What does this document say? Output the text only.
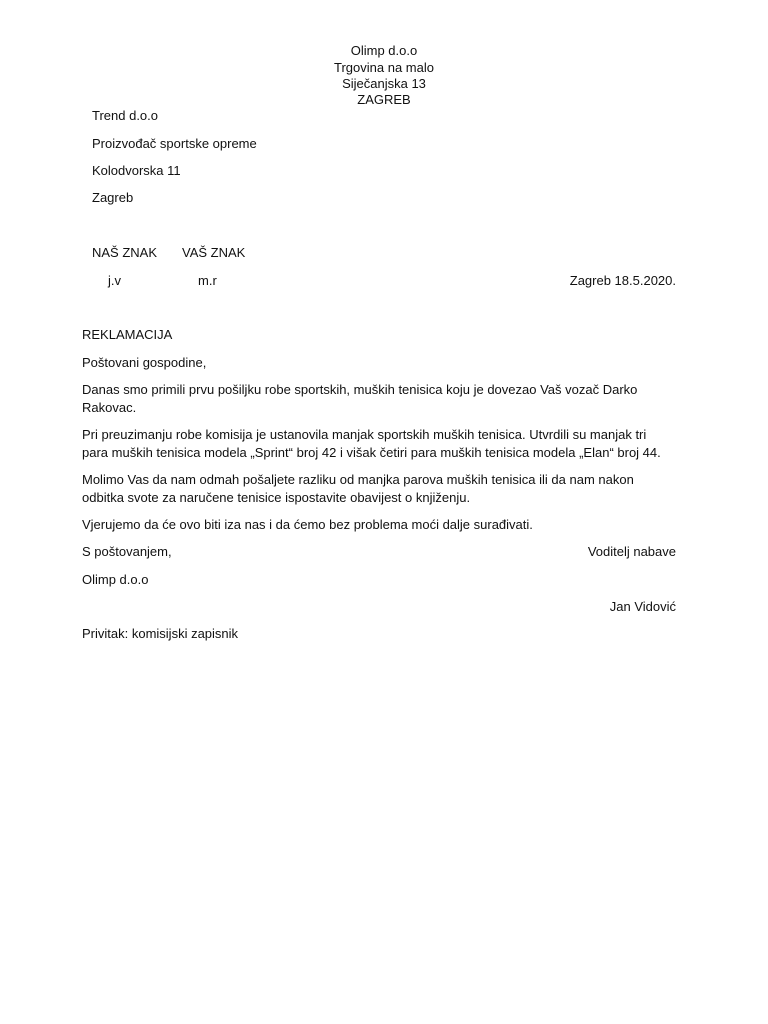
Olimp d.o.o
Trgovina na malo
Siječanjska 13
ZAGREB
Trend d.o.o
Proizvođač sportske opreme
Kolodvorska 11
Zagreb
NAŠ ZNAK VAŠ ZNAK
j.v	m.r	Zagreb 18.5.2020.
REKLAMACIJA
Poštovani gospodine,
Danas smo primili prvu pošiljku robe sportskih, muških tenisica koju je dovezao Vaš vozač Darko
Rakovac.
Pri preuzimanju robe komisija je ustanovila manjak sportskih muških tenisica. Utvrdili su manjak tri
para muških tenisica modela „Sprint“ broj 42 i višak četiri para muških tenisica modela „Elan“ broj 44.
Molimo Vas da nam odmah pošaljete razliku od manjka parova muških tenisica ili da nam nakon
odbitka svote za naručene tenisice ispostavite obavijest o knjiženju.
Vjerujemo da će ovo biti iza nas i da ćemo bez problema moći dalje surađivati.
S poštovanjem,	Voditelj nabave
Olimp d.o.o
Jan Vidović
Privitak: komisijski zapisnik
